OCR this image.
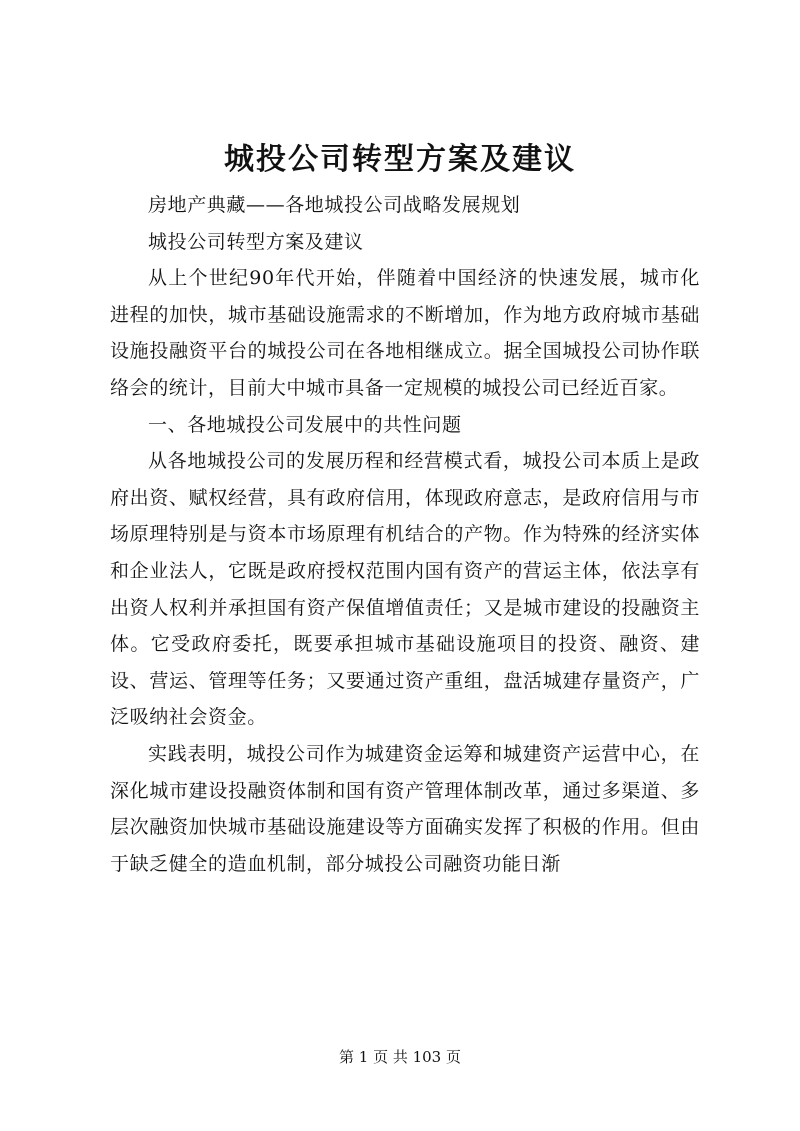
城投公司转型方案及建议

房地产典藏——各地城投公司战略发展规划

城投公司转型方案及建议

从上个世纪90年代开始，伴随着中国经济的快速发展，城市化进程的加快，城市基础设施需求的不断增加，作为地方政府城市基础设施投融资平台的城投公司在各地相继成立。据全国城投公司协作联络会的统计，目前大中城市具备一定规模的城投公司已经近百家。

一、各地城投公司发展中的共性问题

从各地城投公司的发展历程和经营模式看，城投公司本质上是政府出资、赋权经营，具有政府信用，体现政府意志，是政府信用与市场原理特别是与资本市场原理有机结合的产物。作为特殊的经济实体和企业法人，它既是政府授权范围内国有资产的营运主体，依法享有出资人权利并承担国有资产保值增值责任；又是城市建设的投融资主体。它受政府委托，既要承担城市基础设施项目的投资、融资、建设、营运、管理等任务；又要通过资产重组，盘活城建存量资产，广泛吸纳社会资金。

实践表明，城投公司作为城建资金运筹和城建资产运营中心，在深化城市建设投融资体制和国有资产管理体制改革，通过多渠道、多层次融资加快城市基础设施建设等方面确实发挥了积极的作用。但由于缺乏健全的造血机制，部分城投公司融资功能日渐

第 1 页 共 103 页
